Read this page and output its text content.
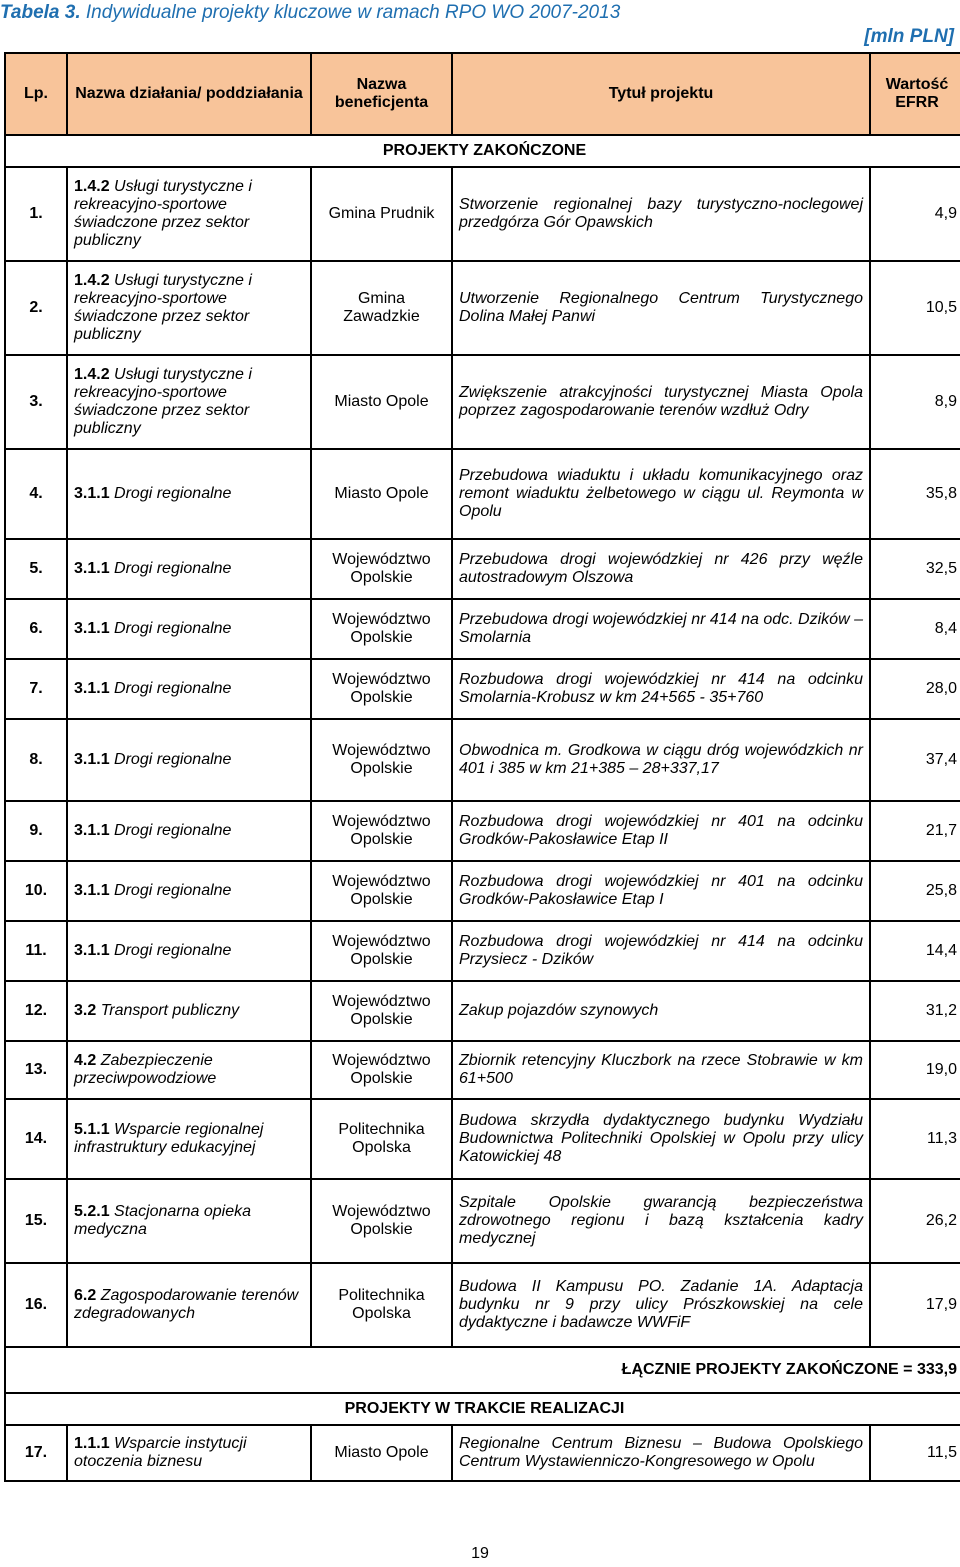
Tabela 3. Indywidualne projekty kluczowe w ramach RPO WO 2007-2013
[mln PLN]
Lp.	Nazwa działania/ poddziałania	Nazwa beneficjenta	Tytuł projektu	Wartość EFRR
PROJEKTY ZAKOŃCZONE				
1.	1.4.2 Usługi turystyczne i rekreacyjno-sportowe świadczone przez sektor publiczny	Gmina Prudnik	Stworzenie regionalnej bazy turystyczno-noclegowej przedgórza Gór Opawskich	4,9
2.	1.4.2 Usługi turystyczne i rekreacyjno-sportowe świadczone przez sektor publiczny	Gmina Zawadzkie	Utworzenie Regionalnego Centrum Turystycznego Dolina Małej Panwi	10,5
3.	1.4.2 Usługi turystyczne i rekreacyjno-sportowe świadczone przez sektor publiczny	Miasto Opole	Zwiększenie atrakcyjności turystycznej Miasta Opola poprzez zagospodarowanie terenów wzdłuż Odry	8,9
4.	3.1.1 Drogi regionalne	Miasto Opole	Przebudowa wiaduktu i układu komunikacyjnego oraz remont wiaduktu żelbetowego w ciągu ul. Reymonta w Opolu	35,8
5.	3.1.1 Drogi regionalne	Województwo Opolskie	Przebudowa drogi wojewódzkiej nr 426 przy węźle autostradowym Olszowa	32,5
6.	3.1.1 Drogi regionalne	Województwo Opolskie	Przebudowa drogi wojewódzkiej nr 414 na odc. Dzików – Smolarnia	8,4
7.	3.1.1 Drogi regionalne	Województwo Opolskie	Rozbudowa drogi wojewódzkiej nr 414 na odcinku Smolarnia-Krobusz w km 24+565 - 35+760	28,0
8.	3.1.1 Drogi regionalne	Województwo Opolskie	Obwodnica m. Grodkowa w ciągu dróg wojewódzkich nr 401 i 385 w km 21+385 – 28+337,17	37,4
9.	3.1.1 Drogi regionalne	Województwo Opolskie	Rozbudowa drogi wojewódzkiej nr 401 na odcinku Grodków-Pakosławice Etap II	21,7
10.	3.1.1 Drogi regionalne	Województwo Opolskie	Rozbudowa drogi wojewódzkiej nr 401 na odcinku Grodków-Pakosławice Etap I	25,8
11.	3.1.1 Drogi regionalne	Województwo Opolskie	Rozbudowa drogi wojewódzkiej nr 414 na odcinku Przysiecz - Dzików	14,4
12.	3.2 Transport publiczny	Województwo Opolskie	Zakup pojazdów szynowych	31,2
13.	4.2 Zabezpieczenie przeciwpowodziowe	Województwo Opolskie	Zbiornik retencyjny Kluczbork na rzece Stobrawie w km 61+500	19,0
14.	5.1.1 Wsparcie regionalnej infrastruktury edukacyjnej	Politechnika Opolska	Budowa skrzydła dydaktycznego budynku Wydziału Budownictwa Politechniki Opolskiej w Opolu przy ulicy Katowickiej 48	11,3
15.	5.2.1 Stacjonarna opieka medyczna	Województwo Opolskie	Szpitale Opolskie gwarancją bezpieczeństwa zdrowotnego regionu i bazą kształcenia kadry medycznej	26,2
16.	6.2 Zagospodarowanie terenów zdegradowanych	Politechnika Opolska	Budowa II Kampusu PO. Zadanie 1A. Adaptacja budynku nr 9 przy ulicy Prószkowskiej na cele dydaktyczne i badawcze WWFiF	17,9
ŁĄCZNIE PROJEKTY ZAKOŃCZONE = 333,9				
PROJEKTY W TRAKCIE REALIZACJI				
17.	1.1.1 Wsparcie instytucji otoczenia biznesu	Miasto Opole	Regionalne Centrum Biznesu – Budowa Opolskiego Centrum Wystawienniczo-Kongresowego w Opolu	11,5
19
